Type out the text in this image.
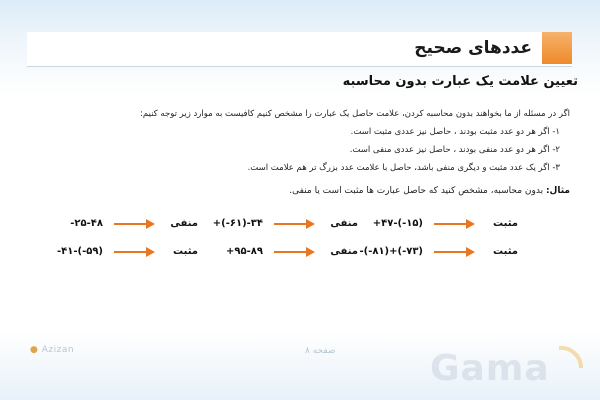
عددهای صحیح
تعیین علامت یک عبارت بدون محاسبه
اگر در مسئله از ما بخواهند بدون محاسبه کردن، علامت حاصل یک عبارت را مشخص کنیم کافیست به موارد زیر توجه کنیم:
۱- اگر هر دو عدد مثبت بودند ، حاصل نیز عددی مثبت است.
۲- اگر هر دو عدد منفی بودند ، حاصل نیز عددی منفی است.
۳- اگر یک عدد مثبت و دیگری منفی باشد، حاصل با علامت عدد بزرگ تر هم علامت است.
مثال: بدون محاسبه، مشخص کنید که حاصل عبارت ها مثبت است یا منفی.
مثبت
+۴۷-(-۱۵)
منفی
+(-۶۱)-۳۴
منفی
-۲۵-۴۸
مثبت
-(-۸۱)+(-۷۳)
منفی
+۹۵-۸۹
مثبت
-۴۱-(-۵۹)
● Azizan	صفحه ۸	Gama
